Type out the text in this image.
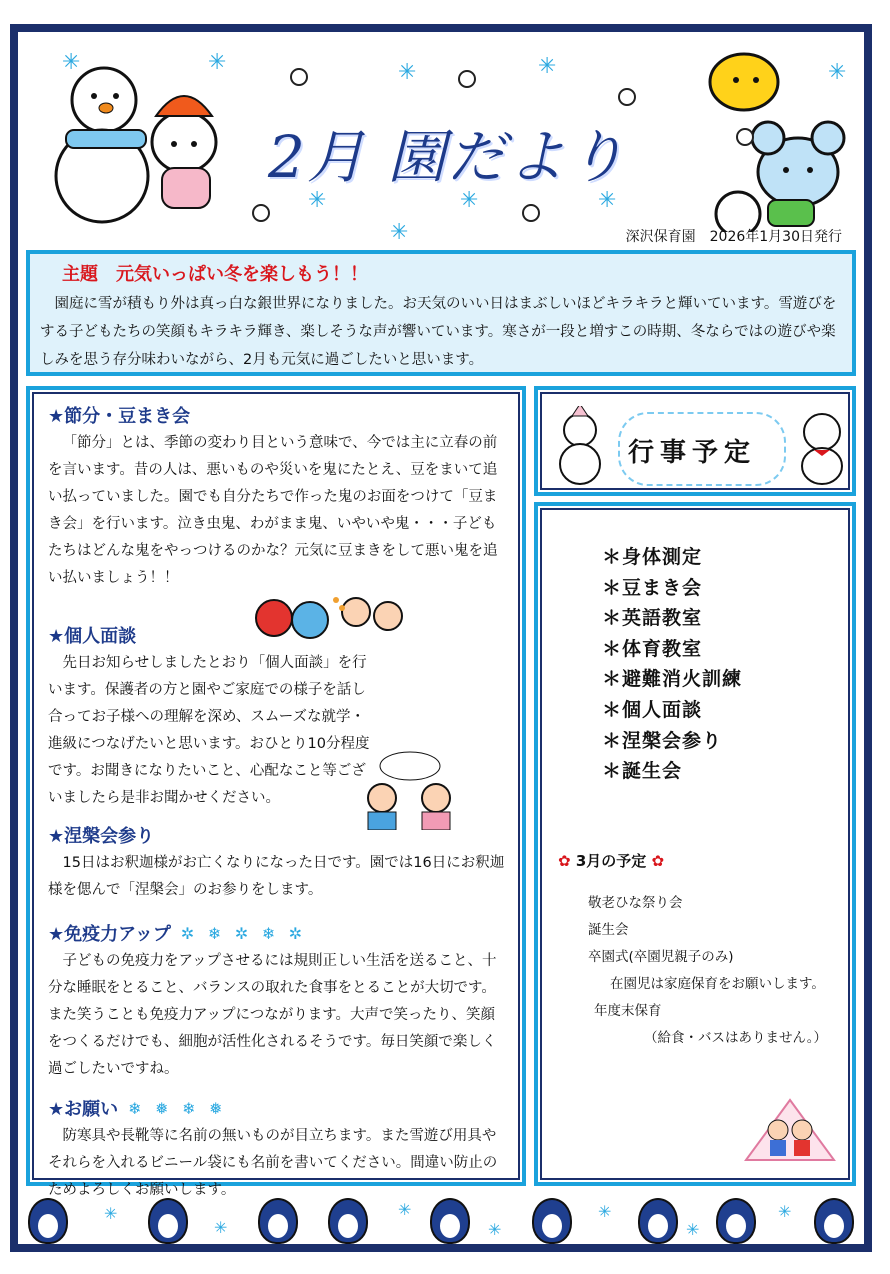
2月 園だより
✳	✳	✳	✳	✳
✳	✳	✳
✳	深沢保育園　2026年1月30日発行
主題　元気いっぱい冬を楽しもう！！
園庭に雪が積もり外は真っ白な銀世界になりました。お天気のいい日はまぶしいほどキラキラと輝いています。雪遊びをする子どもたちの笑顔もキラキラ輝き、楽しそうな声が響いています。寒さが一段と増すこの時期、冬ならではの遊びや楽しみを思う存分味わいながら、2月も元気に過ごしたいと思います。
★節分・豆まき会
「節分」とは、季節の変わり目という意味で、今では主に立春の前を言います。昔の人は、悪いものや災いを鬼にたとえ、豆をまいて追い払っていました。園でも自分たちで作った鬼のお面をつけて「豆まき会」を行います。泣き虫鬼、わがまま鬼、いやいや鬼・・・子どもたちはどんな鬼をやっつけるのかな？元気に豆まきをして悪い鬼を追い払いましょう！！
★個人面談
先日お知らせしましたとおり「個人面談」を行います。保護者の方と園やご家庭での様子を話し合ってお子様への理解を深め、スムーズな就学・進級につなげたいと思います。おひとり10分程度です。お聞きになりたいこと、心配なこと等ございましたら是非お聞かせください。
★涅槃会参り
15日はお釈迦様がお亡くなりになった日です。園では16日にお釈迦様を偲んで「涅槃会」のお参りをします。
★免疫力アップ ✲ ❄ ✲ ❄ ✲
子どもの免疫力をアップさせるには規則正しい生活を送ること、十分な睡眠をとること、バランスの取れた食事をとることが大切です。また笑うことも免疫力アップにつながります。大声で笑ったり、笑顔をつくるだけでも、細胞が活性化されるそうです。毎日笑顔で楽しく過ごしたいですね。
★お願い ❄ ❅ ❄ ❅
防寒具や長靴等に名前の無いものが目立ちます。また雪遊び用具やそれらを入れるビニール袋にも名前を書いてください。間違い防止のためよろしくお願いします。
行事予定
＊身体測定
＊豆まき会
＊英語教室
＊体育教室
＊避難消火訓練
＊個人面談
＊涅槃会参り
＊誕生会
✿ 3月の予定 ✿
敬老ひな祭り会
誕生会
卒園式(卒園児親子のみ)
在園児は家庭保育をお願いします。
年度末保育
（給食・バスはありません。）
✳
✳
✳
✳
✳
✳
✳
